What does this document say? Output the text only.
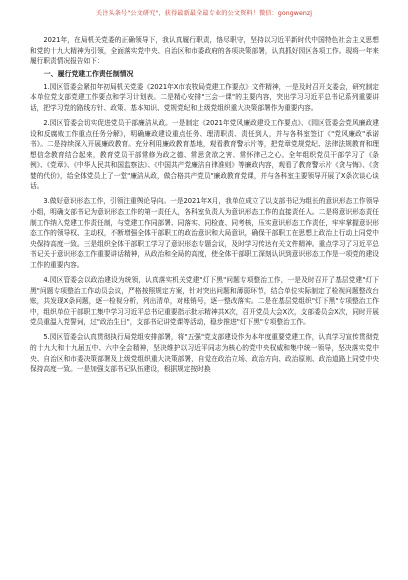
关注头条号"公文研究"，获得最新最全最专业的公文资料！微信：gongwenzj

2021年，在局机关党委的正确领导下，我认真履行职责，恪尽职守，坚持以习近平新时代中国特色社会主义思想和党的十九大精神为引领，全面落实党中央、自治区和市委政府的各项决策部署，认真抓好园区各项工作。现将一年来履行职责情况报告如下：

一、履行党建工作责任制情况

1.园区管委会紧扣年初局机关党委《2021年X市农牧局党建工作要点》文件精神，一是及时召开支委会，研究制定本单位党支部党建工作要点和学习计划表。二是精心安排"三会一课"的主要内容，突出学习习近平总书记系列重要讲话，把学习党的路线方针、政策、基本知识、党规党纪和上级党组织重大决策部署作为重要内容。

2.园区管委会切实促进党员干部廉洁从政。一是制定《2021年党风廉政建设工作要点》、《园区管委会党风廉政建设和反腐败工作重点任务分解》，明确廉政建设重点任务、理清职责、责任到人，并与各科室签订《"党风廉政"承诺书》。二是持续深入开展廉政教育。充分利用廉政教育基地，观看教育警示片等，把党章党规党纪、法律法规教育和理想信念教育结合起来，教育党员干部常修为政之德、常思贪欲之害、常怀律己之心。全年组织党员干部学习了《条例》、《党章》、《中华人民共和国监察法》、《中国共产党廉洁自律准则》等廉政内容，观看了教育警示片《贪与悔》、《贪婪的代价》，给全体党员上了一堂"廉洁从政，做合格共产党员"廉政教育党课，并与各科室主要领导开展了X条次谈心谈话。

3.做好意识形态工作，引领注重舆论导向。一是2021年X月，我单位成立了以支部书记为组长的意识形态工作领导小组，明确支部书记为意识形态工作的第一责任人，各科室负责人为意识形态工作的直接责任人。二是将意识形态责任制工作纳入党建工作责任制，与党建工作同部署、同落实、同检查、同考核，压实意识形态工作责任，牢牢掌握意识形态工作的领导权、主动权，不断增强全体干部职工的政治意识和大局意识，确保干部职工在思想上政治上行动上同党中央保持高度一致。三是组织全体干部职工学习了意识形态专题会议，及时学习传达有关文件精神。重点学习了习近平总书记关于意识形态工作重要讲话精神，从政治和全局的高度，使全体干部职工深刻认识到意识形态工作是一项党的建设工作的重要内容。

4.园区管委会以政治建设为统领，认真落实机关党建"灯下黑"问题专项整治工作，一是及时召开了基层党建"灯下黑"问题专项整治工作动员会议，严格按照规定方案，针对突出问题和薄弱环节，结合单位实际制定了检视问题整改台账，共发现X条问题，逐一检视分析，列出清单，对账销号，逐一整改落实。二是在基层党组织"灯下黑"专项整治工作中，组织单位干部职工集中学习习近平总书记重要指示批示精神共X次，召开党员大会X次，支部委员会X次，同时开展党员重温入党誓词，过"政治生日"，支部书记讲党课等活动，稳步推进"灯下黑"专项整治工作。

5.园区管委会认真贯彻执行局党组安排部署，将"五强"党支部建设作为本年度重要党建工作，认真学习宣传贯彻党的十九大和十九届五中、六中全会精神，坚决维护以习近平同志为核心的党中央权威和集中统一领导，坚决落实党中央、自治区和市委决策部署及上级党组织重大决策部署，自觉在政治立场、政治方向、政治原则、政治道路上同党中央保持高度一致。一是加强支部书记队伍建设，根据规定按时换
